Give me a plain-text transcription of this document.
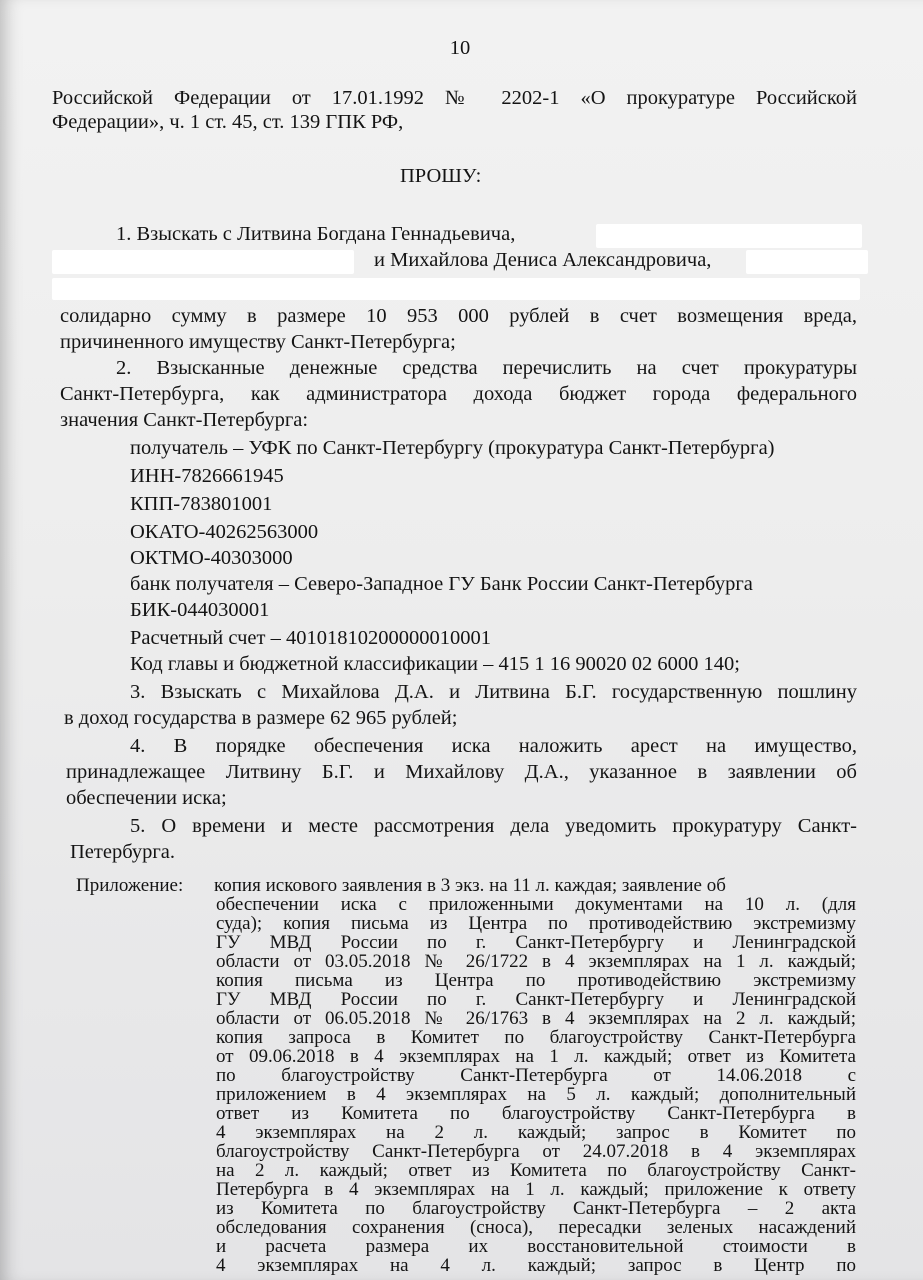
10
Российской Федерации от 17.01.1992 № 2202-1 «О прокуратуре Российской
Федерации», ч. 1 ст. 45, ст. 139 ГПК РФ,
ПРОШУ:
1. Взыскать с Литвина Богдана Геннадьевича,
и Михайлова Дениса Александровича,
солидарно сумму в размере 10 953 000 рублей в счет возмещения вреда,
причиненного имуществу Санкт-Петербурга;
2. Взысканные денежные средства перечислить на счет прокуратуры
Санкт-Петербурга, как администратора дохода бюджет города федерального
значения Санкт-Петербурга:
получатель – УФК по Санкт-Петербургу (прокуратура Санкт-Петербурга)
ИНН-7826661945
КПП-783801001
ОКАТО-40262563000
ОКТМО-40303000
банк получателя – Северо-Западное ГУ Банк России Санкт-Петербурга
БИК-044030001
Расчетный счет – 40101810200000010001
Код главы и бюджетной классификации – 415 1 16 90020 02 6000 140;
3. Взыскать с Михайлова Д.А. и Литвина Б.Г. государственную пошлину
в доход государства в размере 62 965 рублей;
4. В порядке обеспечения иска наложить арест на имущество,
принадлежащее Литвину Б.Г. и Михайлову Д.А., указанное в заявлении об
обеспечении иска;
5. О времени и месте рассмотрения дела уведомить прокуратуру Санкт-
Петербурга.
Приложение: копия искового заявления в 3 экз. на 11 л. каждая; заявление об
обеспечении иска с приложенными документами на 10 л. (для
суда); копия письма из Центра по противодействию экстремизму
ГУ МВД России по г. Санкт-Петербургу и Ленинградской
области от 03.05.2018 № 26/1722 в 4 экземплярах на 1 л. каждый;
копия письма из Центра по противодействию экстремизму
ГУ МВД России по г. Санкт-Петербургу и Ленинградской
области от 06.05.2018 № 26/1763 в 4 экземплярах на 2 л. каждый;
копия запроса в Комитет по благоустройству Санкт-Петербурга
от 09.06.2018 в 4 экземплярах на 1 л. каждый; ответ из Комитета
по благоустройству Санкт-Петербурга от 14.06.2018 с
приложением в 4 экземплярах на 5 л. каждый; дополнительный
ответ из Комитета по благоустройству Санкт-Петербурга в
4 экземплярах на 2 л. каждый; запрос в Комитет по
благоустройству Санкт-Петербурга от 24.07.2018 в 4 экземплярах
на 2 л. каждый; ответ из Комитета по благоустройству Санкт-
Петербурга в 4 экземплярах на 1 л. каждый; приложение к ответу
из Комитета по благоустройству Санкт-Петербурга – 2 акта
обследования сохранения (сноса), пересадки зеленых насаждений
и расчета размера их восстановительной стоимости в
4 экземплярах на 4 л. каждый; запрос в Центр по
